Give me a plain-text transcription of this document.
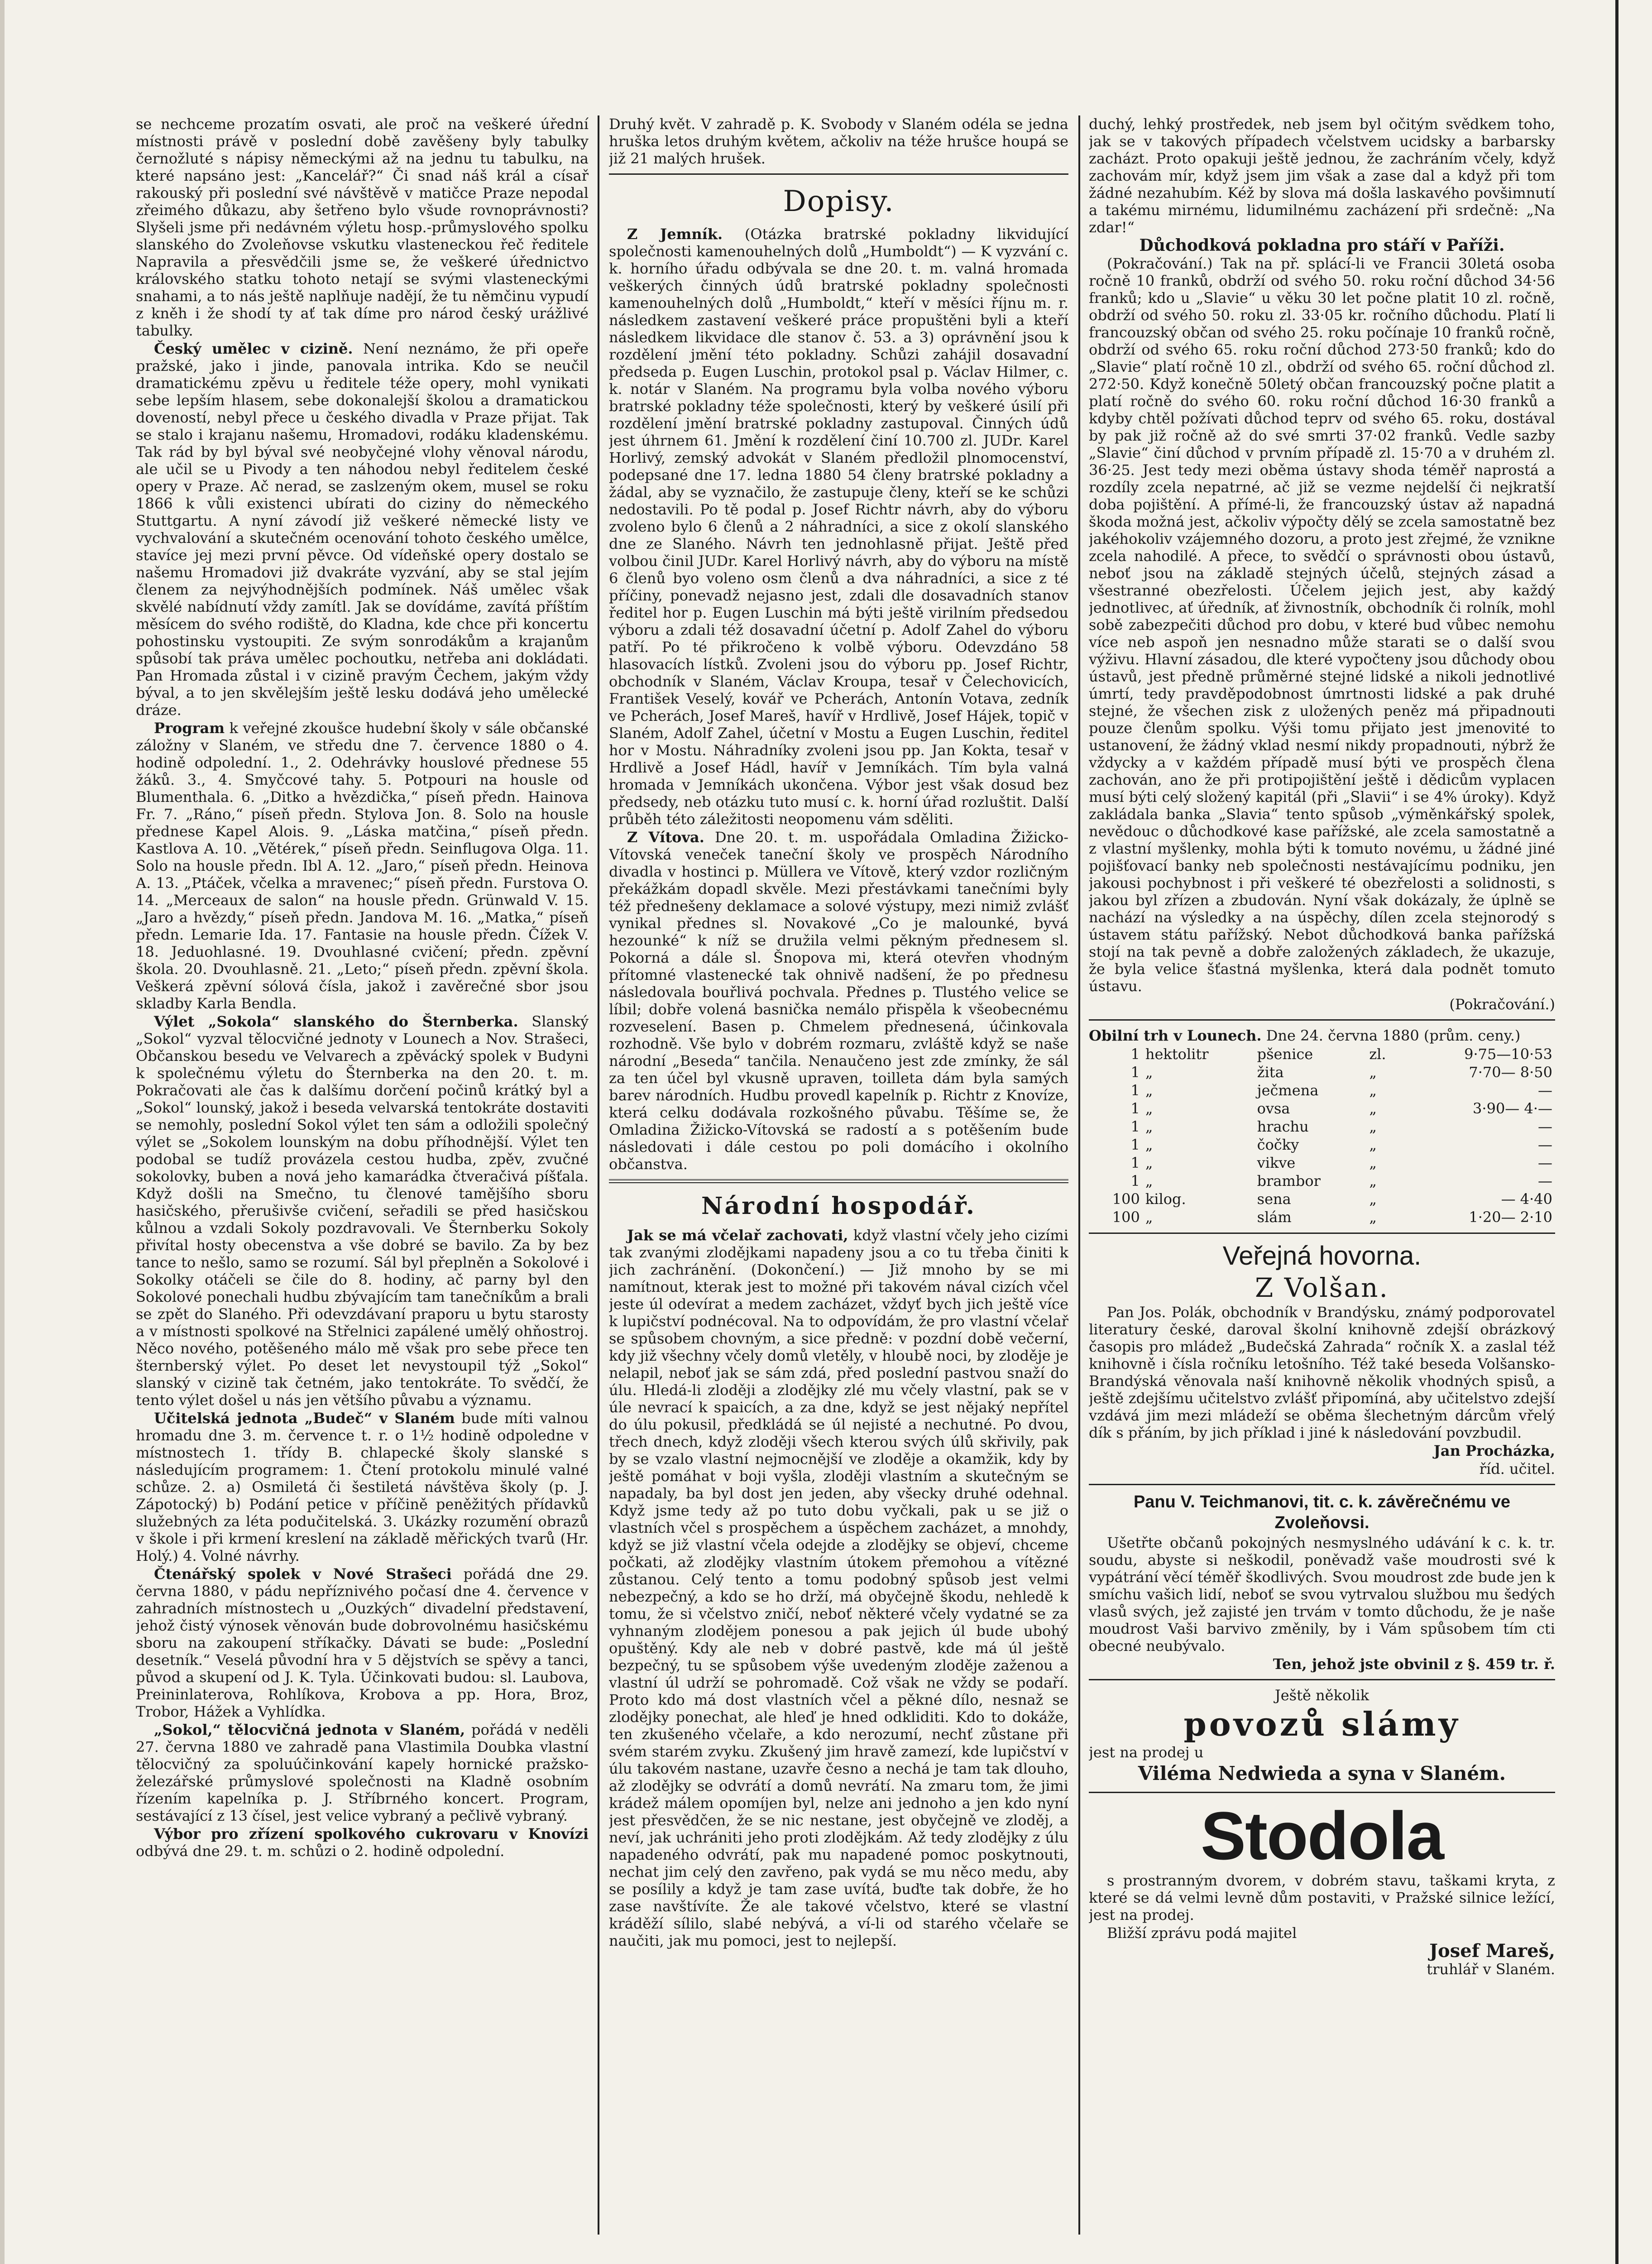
se nechceme prozatím osvati, ale proč na veškeré úřední místnosti právě v poslední době zavěšeny byly tabulky černožluté s nápisy německými až na jednu tu tabulku, na které napsáno jest: „Kancelář?“ Či snad náš král a císař rakouský při poslední své návštěvě v matičce Praze nepodal zřeimého důkazu, aby šetřeno bylo všude rovnoprávnosti? Slyšeli jsme při nedávném výletu hosp.-průmyslového spolku slanského do Zvoleňovse vskutku vlasteneckou řeč ředitele Napravila a přesvědčili jsme se, že veškeré úřednictvo královského statku tohoto netají se svými vlasteneckými snahami, a to nás ještě naplňuje nadějí, že tu němčinu vypudí z kněh i že shodí ty ať tak díme pro národ český urážlivé tabulky.

Český umělec v cizině. Není neznámo, že při opeře pražské, jako i jinde, panovala intrika. Kdo se neučil dramatickému zpěvu u ředitele téže opery, mohl vynikati sebe lepším hlasem, sebe dokonalejší školou a dramatickou doveností, nebyl přece u českého divadla v Praze přijat. Tak se stalo i krajanu našemu, Hromadovi, rodáku kladenskému. Tak rád by byl býval své neobyčejné vlohy věnoval národu, ale učil se u Pivody a ten náhodou nebyl ředitelem české opery v Praze. Ač nerad, se zaslzeným okem, musel se roku 1866 k vůli existenci ubírati do ciziny do německého Stuttgartu. A nyní závodí již veškeré německé listy ve vychvalování a skutečném ocenování tohoto českého umělce, stavíce jej mezi první pěvce. Od vídeňské opery dostalo se našemu Hromadovi již dvakráte vyzvání, aby se stal jejím členem za nejvýhodnějších podmínek. Náš umělec však skvělé nabídnutí vždy zamítl. Jak se dovídáme, zavítá příštím měsícem do svého rodiště, do Kladna, kde chce při koncertu pohostinsku vystoupiti. Ze svým sonrodákům a krajanům spůsobí tak práva umělec pochoutku, netřeba ani dokládati. Pan Hromada zůstal i v cizině pravým Čechem, jakým vždy býval, a to jen skvělejším ještě lesku dodává jeho umělecké dráze.

Program k veřejné zkoušce hudební školy v sále občanské záložny v Slaném, ve středu dne 7. července 1880 o 4. hodině odpolední. 1., 2. Odehrávky houslové přednese 55 žáků. 3., 4. Smyčcové tahy. 5. Potpouri na housle od Blumenthala. 6. „Ditko a hvězdička,“ píseň předn. Hainova Fr. 7. „Ráno,“ píseň předn. Stylova Jon. 8. Solo na housle přednese Kapel Alois. 9. „Láska matčina,“ píseň předn. Kastlova A. 10. „Větérek,“ píseň předn. Seinflugova Olga. 11. Solo na housle předn. Ibl A. 12. „Jaro,“ píseň předn. Heinova A. 13. „Ptáček, včelka a mravenec;“ píseň předn. Furstova O. 14. „Merceaux de salon“ na housle předn. Grünwald V. 15. „Jaro a hvězdy,“ píseň předn. Jandova M. 16. „Matka,“ píseň předn. Lemarie Ida. 17. Fantasie na housle předn. Čížek V. 18. Jeduohlasné. 19. Dvouhlasné cvičení; předn. zpěvní škola. 20. Dvouhlasně. 21. „Leto;“ píseň předn. zpěvní škola. Veškerá zpěvní sólová čísla, jakož i zavěrečné sbor jsou skladby Karla Bendla.

Výlet „Sokola“ slanského do Šternberka. Slanský „Sokol“ vyzval tělocvičné jednoty v Lounech a Nov. Strašeci, Občanskou besedu ve Velvarech a zpěvácký spolek v Budyni k společnému výletu do Šternberka na den 20. t. m. Pokračovati ale čas k dalšímu dorčení počinů krátký byl a „Sokol“ lounský, jakož i beseda velvarská tentokráte dostaviti se nemohly, poslední Sokol výlet ten sám a odložili společný výlet se „Sokolem lounským na dobu příhodnější. Výlet ten podobal se tudíž provázela cestou hudba, zpěv, zvučné sokolovky, buben a nová jeho kamarádka čtveračivá píšťala. Když došli na Smečno, tu členové tamějšího sboru hasičského, přerušivše cvičení, seřadili se před hasičskou kůlnou a vzdali Sokoly pozdravovali. Ve Šternberku Sokoly přivítal hosty obecenstva a vše dobré se bavilo. Za by bez tance to nešlo, samo se rozumí. Sál byl přeplněn a Sokolové i Sokolky otáčeli se čile do 8. hodiny, ač parny byl den Sokolové ponechali hudbu zbývajícím tam tanečníkům a brali se zpět do Slaného. Při odevzdávaní praporu u bytu starosty a v místnosti spolkové na Střelnici zapálené umělý ohňostroj. Něco nového, potěšeného málo mě však pro sebe přece ten šternberský výlet. Po deset let nevystoupil týž „Sokol“ slanský v cizině tak četném, jako tentokráte. To svědčí, že tento výlet došel u nás jen většího půvabu a významu.

Učitelská jednota „Budeč“ v Slaném bude míti valnou hromadu dne 3. m. července t. r. o 1½ hodině odpoledne v místnostech 1. třídy B. chlapecké školy slanské s následujícím programem: 1. Čtení protokolu minulé valné schůze. 2. a) Osmiletá či šestiletá návštěva školy (p. J. Zápotocký) b) Podání petice v příčině peněžitých přídavků služebných za léta podučitelská. 3. Ukázky rozumění obrazů v škole i při krmení kreslení na základě měřických tvarů (Hr. Holý.) 4. Volné návrhy.

Čtenářský spolek v Nové Strašeci pořádá dne 29. června 1880, v pádu nepříznivého počasí dne 4. července v zahradních místnostech u „Ouzkých“ divadelní představení, jehož čistý výnosek věnován bude dobrovolnému hasičskému sboru na zakoupení stříkačky. Dávati se bude: „Poslední desetník.“ Veselá původní hra v 5 dějstvích se spěvy a tanci, původ a skupení od J. K. Tyla. Účinkovati budou: sl. Laubova, Preininlaterova, Rohlíkova, Krobova a pp. Hora, Broz, Trobor, Hážek a Vyhlídka.

„Sokol,“ tělocvičná jednota v Slaném, pořádá v neděli 27. června 1880 ve zahradě pana Vlastimila Doubka vlastní tělocvičný za spoluúčinkování kapely hornické pražsko-železářské průmyslové společnosti na Kladně osobním řízením kapelníka p. J. Stříbrného koncert. Program, sestávající z 13 čísel, jest velice vybraný a pečlivě vybraný.

Výbor pro zřízení spolkového cukrovaru v Knovízi odbývá dne 29. t. m. schůzi o 2. hodině odpolední.

Druhý květ. V zahradě p. K. Svobody v Slaném odéla se jedna hruška letos druhým květem, ačkoliv na téže hrušce houpá se již 21 malých hrušek.

Dopisy.

Z Jemník. (Otázka bratrské pokladny likvidující společnosti kamenouhelných dolů „Humboldt“) — K vyzvání c. k. horního úřadu odbývala se dne 20. t. m. valná hromada veškerých činných údů bratrské pokladny společnosti kamenouhelných dolů „Humboldt,“ kteří v měsíci říjnu m. r. následkem zastavení veškeré práce propuštěni byli a kteří následkem likvidace dle stanov č. 53. a 3) oprávnění jsou k rozdělení jmění této pokladny. Schůzi zahájil dosavadní předseda p. Eugen Luschin, protokol psal p. Václav Hilmer, c. k. notár v Slaném. Na programu byla volba nového výboru bratrské pokladny téže společnosti, který by veškeré úsilí při rozdělení jmění bratrské pokladny zastupoval. Činných údů jest úhrnem 61. Jmění k rozdělení činí 10.700 zl. JUDr. Karel Horlivý, zemský advokát v Slaném předložil plnomocenství, podepsané dne 17. ledna 1880 54 členy bratrské pokladny a žádal, aby se vyznačilo, že zastupuje členy, kteří se ke schůzi nedostavili. Po tě podal p. Josef Richtr návrh, aby do výboru zvoleno bylo 6 členů a 2 náhradníci, a sice z okolí slanského dne ze Slaného. Návrh ten jednohlasně přijat. Ještě před volbou činil JUDr. Karel Horlivý návrh, aby do výboru na místě 6 členů byo voleno osm členů a dva náhradníci, a sice z té příčiny, ponevadž nejasno jest, zdali dle dosavadních stanov ředitel hor p. Eugen Luschin má býti ještě virilním předsedou výboru a zdali též dosavadní účetní p. Adolf Zahel do výboru patří. Po té přikročeno k volbě výboru. Odevzdáno 58 hlasovacích lístků. Zvoleni jsou do výboru pp. Josef Richtr, obchodník v Slaném, Václav Kroupa, tesař v Čelechovicích, František Veselý, kovář ve Pcherách, Antonín Votava, zedník ve Pcherách, Josef Mareš, havíř v Hrdlivě, Josef Hájek, topič v Slaném, Adolf Zahel, účetní v Mostu a Eugen Luschin, ředitel hor v Mostu. Náhradníky zvoleni jsou pp. Jan Kokta, tesař v Hrdlivě a Josef Hádl, havíř v Jemníkách. Tím byla valná hromada v Jemníkách ukončena. Výbor jest však dosud bez předsedy, neb otázku tuto musí c. k. horní úřad rozluštit. Další průběh této záležitosti neopomenu vám sděliti.

Z Vítova. Dne 20. t. m. uspořádala Omladina Žižicko-Vítovská veneček taneční školy ve prospěch Národního divadla v hostinci p. Müllera ve Vítově, který vzdor rozličným překážkám dopadl skvěle. Mezi přestávkami tanečními byly též přednešeny deklamace a solové výstupy, mezi nimiž zvlášť vynikal přednes sl. Novakové „Co je malounké, byvá hezounké“ k níž se družila velmi pěkným přednesem sl. Pokorná a dále sl. Šnopova mi, která otevřen vhodným přítomné vlastenecké tak ohnivě nadšení, že po přednesu následovala bouřlivá pochvala. Přednes p. Tlustého velice se líbil; dobře volená basnička nemálo přispěla k všeobecnému rozveselení. Basen p. Chmelem přednesená, účinkovala rozhodně. Vše bylo v dobrém rozmaru, zvláště když se naše národní „Beseda“ tančila. Nenaučeno jest zde zmínky, že sál za ten účel byl vkusně upraven, toilleta dám byla samých barev národních. Hudbu provedl kapelník p. Richtr z Knovíze, která celku dodávala rozkošného půvabu. Těšíme se, že Omladina Žižicko-Vítovská se radostí a s potěšením bude následovati i dále cestou po poli domácího i okolního občanstva.

Národní hospodář.

Jak se má včelař zachovati, když vlastní včely jeho cizími tak zvanými zlodějkami napadeny jsou a co tu třeba činiti k jich zachránění. (Dokončení.) — Již mnoho by se mi namítnout, kterak jest to možné při takovém nával cizích včel jeste úl odevírat a medem zacházet, vždyť bych jich ještě více k lupičství podnécoval. Na to odpovídám, že pro vlastní včelař se spůsobem chovným, a sice předně: v pozdní době večerní, kdy již všechny včely domů vletěly, v hloubě noci, by zloděje je nelapil, neboť jak se sám zdá, před poslední pastvou snaží do úlu. Hledá-li zloději a zlodějky zlé mu včely vlastní, pak se v úle nevrací k spaicích, a za dne, když se jest nějaký nepřítel do úlu pokusil, předkládá se úl nejisté a nechutné. Po dvou, třech dnech, když zloději všech kterou svých úlů skřivily, pak by se vzalo vlastní nejmocnější ve zloděje a okamžik, kdy by ještě pomáhat v boji vyšla, zloději vlastním a skutečným se napadaly, ba byl dost jen jeden, aby všecky druhé odehnal. Když jsme tedy až po tuto dobu vyčkali, pak u se již o vlastních včel s prospěchem a úspěchem zacházet, a mnohdy, když se již vlastní včela odejde a zlodějky se objeví, chceme počkati, až zlodějky vlastním útokem přemohou a vítězné zůstanou. Celý tento a tomu podobný spůsob jest velmi nebezpečný, a kdo se ho drží, má obyčejně škodu, nehledě k tomu, že si včelstvo zničí, neboť některé včely vydatné se za vyhnaným zlodějem ponesou a pak jejich úl bude ubohý opuštěný. Kdy ale neb v dobré pastvě, kde má úl ještě bezpečný, tu se spůsobem výše uvedeným zloděje zaženou a vlastní úl udrží se pohromadě. Což však ne vždy se podaří. Proto kdo má dost vlastních včel a pěkné dílo, nesnaž se zlodějky ponechat, ale hleď je hned odkliditi. Kdo to dokáže, ten zkušeného včelaře, a kdo nerozumí, nechť zůstane při svém starém zvyku. Zkušený jim hravě zamezí, kde lupičství v úlu takovém nastane, uzavře česno a nechá je tam tak dlouho, až zlodějky se odvrátí a domů nevrátí. Na zmaru tom, že jimi krádež málem opomíjen byl, nelze ani jednoho a jen kdo nyní jest přesvědčen, že se nic nestane, jest obyčejně ve zloděj, a neví, jak uchrániti jeho proti zlodějkám. Až tedy zlodějky z úlu napadeného odvrátí, pak mu napadené pomoc poskytnouti, nechat jim celý den zavřeno, pak vydá se mu něco medu, aby se posílily a když je tam zase uvítá, buďte tak dobře, že ho zase navštívíte. Že ale takové včelstvo, které se vlastní kráděží sílilo, slabé nebývá, a ví-li od starého včelaře se naučiti, jak mu pomoci, jest to nejlepší.

duchý, lehký prostředek, neb jsem byl očitým svědkem toho, jak se v takových případech včelstvem ucidsky a barbarsky zacházt. Proto opakuji ještě jednou, že zachráním včely, když zachovám mír, když jsem jim však a zase dal a když při tom žádné nezahubím. Kéž by slova má došla laskavého povšimnutí a takému mirnému, lidumilnému zacházení při srdečně: „Na zdar!“

Důchodková pokladna pro stáří v Paříži.

(Pokračování.) Tak na př. splácí-li ve Francii 30letá osoba ročně 10 franků, obdrží od svého 50. roku roční důchod 34·56 franků; kdo u „Slavie“ u věku 30 let počne platit 10 zl. ročně, obdrží od svého 50. roku zl. 33·05 kr. ročního důchodu. Platí li francouzský občan od svého 25. roku počínaje 10 franků ročně, obdrží od svého 65. roku roční důchod 273·50 franků; kdo do „Slavie“ platí ročně 10 zl., obdrží od svého 65. roční důchod zl. 272·50. Když konečně 50letý občan francouzský počne platit a platí ročně do svého 60. roku roční důchod 16·30 franků a kdyby chtěl požívati důchod teprv od svého 65. roku, dostával by pak již ročně až do své smrti 37·02 franků. Vedle sazby „Slavie“ činí důchod v prvním případě zl. 15·70 a v druhém zl. 36·25. Jest tedy mezi oběma ústavy shoda téměř naprostá a rozdíly zcela nepatrné, ač již se vezme nejdelší či nejkratší doba pojištění. A přímé-li, že francouzský ústav až napadná škoda možná jest, ačkoliv výpočty dělý se zcela samostatně bez jakéhokoliv vzájemného dozoru, a proto jest zřejmé, že vznikne zcela nahodilé. A přece, to svědčí o správnosti obou ústavů, neboť jsou na základě stejných účelů, stejných zásad a všestranné obezřelosti. Účelem jejich jest, aby každý jednotlivec, ať úředník, ať živnostník, obchodník či rolník, mohl sobě zabezpečiti důchod pro dobu, v které bud vůbec nemohu více neb aspoň jen nesnadno může starati se o další svou výživu. Hlavní zásadou, dle které vypočteny jsou důchody obou ústavů, jest předně průměrné stejné lidské a nikoli jednotlivé úmrtí, tedy pravděpodobnost úmrtnosti lidské a pak druhé stejné, že všechen zisk z uložených peněz má připadnouti pouze členům spolku. Výši tomu přijato jest jmenovité to ustanovení, že žádný vklad nesmí nikdy propadnouti, nýbrž že vždycky a v každém případě musí býti ve prospěch člena zachován, ano že při protipojištění ještě i dědicům vyplacen musí býti celý složený kapitál (při „Slavii“ i se 4% úroky). Když zakládala banka „Slavia“ tento spůsob „výměnkářský spolek, nevědouc o důchodkové kase pařížské, ale zcela samostatně a z vlastní myšlenky, mohla býti k tomuto novému, u žádné jiné pojišťovací banky neb společnosti nestávajícímu podniku, jen jakousi pochybnost i při veškeré té obezřelosti a solidnosti, s jakou byl zřízen a zbudován. Nyní však dokázaly, že úplně se nachází na výsledky a na úspěchy, dílen zcela stejnorodý s ústavem státu pařížský. Nebot důchodková banka pařížská stojí na tak pevně a dobře založených základech, že ukazuje, že byla velice šťastná myšlenka, která dala podnět tomuto ústavu.

(Pokračování.)

Obilní trh v Lounech. Dne 24. června 1880 (prům. ceny.)

1	hektolitr	pšenice	zl.	9·75—10·53
1	„	žita	„	7·70— 8·50
1	„	ječmena	„	—
1	„	ovsa	„	3·90— 4·—
1	„	hrachu	„	—
1	„	čočky	„	—
1	„	vikve	„	—
1	„	brambor	„	—
100	kilog.	sena	„	— 4·40
100	„	slám	„	1·20— 2·10
Veřejná hovorna.
Z Volšan.

Pan Jos. Polák, obchodník v Brandýsku, známý podporovatel literatury české, daroval školní knihovně zdejší obrázkový časopis pro mládež „Budečská Zahrada“ ročník X. a zaslal též knihovně i čísla ročníku letošního. Též také beseda Volšansko-Brandýská věnovala naší knihovně několik vhodných spisů, a ještě zdejšímu učitelstvo zvlášť připomíná, aby učitelstvo zdejší vzdává jim mezi mládeží se oběma šlechetným dárcům vřelý dík s přáním, by jich příklad i jiné k následování povzbudil.

Jan Procházka,

říd. učitel.

Panu V. Teichmanovi, tit. c. k. závěrečnému ve Zvoleňovsi.

Ušetřte občanů pokojných nesmyslného udávání k c. k. tr. soudu, abyste si neškodil, poněvadž vaše moudrosti své k vypátrání věcí téměř škodlivých. Svou moudrost zde bude jen k smíchu vašich lidí, neboť se svou vytrvalou službou mu šedých vlasů svých, jež zajisté jen trvám v tomto důchodu, že je naše moudrost Vaši barvivo změnily, by i Vám spůsobem tím cti obecné neubývalo.

Ten, jehož jste obvinil z §. 459 tr. ř.

Ještě několik

povozů slámy

jest na prodej u

Viléma Nedwieda a syna v Slaném.

Stodola

s prostranným dvorem, v dobrém stavu, taškami kryta, z které se dá velmi levně dům postaviti, v Pražské silnice ležící, jest na prodej.

Bližší zprávu podá majitel

Josef Mareš,

truhlář v Slaném.
